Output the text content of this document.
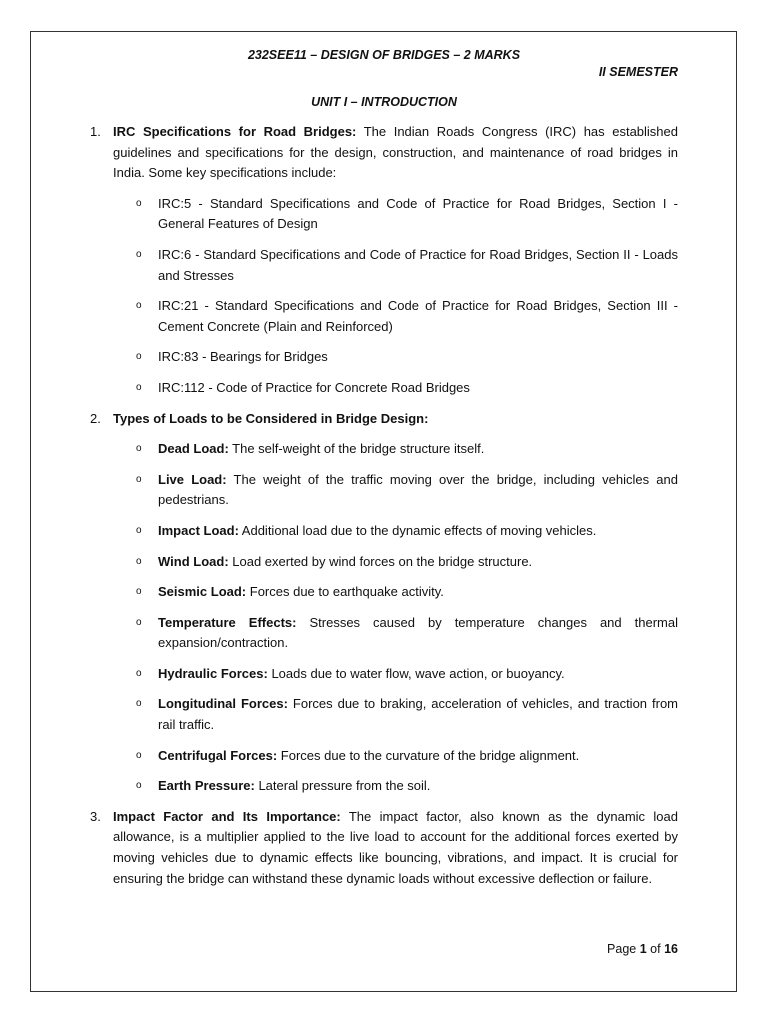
232SEE11 – DESIGN OF BRIDGES – 2 MARKS
II SEMESTER
UNIT I – INTRODUCTION
1. IRC Specifications for Road Bridges: The Indian Roads Congress (IRC) has established guidelines and specifications for the design, construction, and maintenance of road bridges in India. Some key specifications include:
o IRC:5 - Standard Specifications and Code of Practice for Road Bridges, Section I - General Features of Design
o IRC:6 - Standard Specifications and Code of Practice for Road Bridges, Section II - Loads and Stresses
o IRC:21 - Standard Specifications and Code of Practice for Road Bridges, Section III - Cement Concrete (Plain and Reinforced)
o IRC:83 - Bearings for Bridges
o IRC:112 - Code of Practice for Concrete Road Bridges
2. Types of Loads to be Considered in Bridge Design:
o Dead Load: The self-weight of the bridge structure itself.
o Live Load: The weight of the traffic moving over the bridge, including vehicles and pedestrians.
o Impact Load: Additional load due to the dynamic effects of moving vehicles.
o Wind Load: Load exerted by wind forces on the bridge structure.
o Seismic Load: Forces due to earthquake activity.
o Temperature Effects: Stresses caused by temperature changes and thermal expansion/contraction.
o Hydraulic Forces: Loads due to water flow, wave action, or buoyancy.
o Longitudinal Forces: Forces due to braking, acceleration of vehicles, and traction from rail traffic.
o Centrifugal Forces: Forces due to the curvature of the bridge alignment.
o Earth Pressure: Lateral pressure from the soil.
3. Impact Factor and Its Importance: The impact factor, also known as the dynamic load allowance, is a multiplier applied to the live load to account for the additional forces exerted by moving vehicles due to dynamic effects like bouncing, vibrations, and impact. It is crucial for ensuring the bridge can withstand these dynamic loads without excessive deflection or failure.
Page 1 of 16
